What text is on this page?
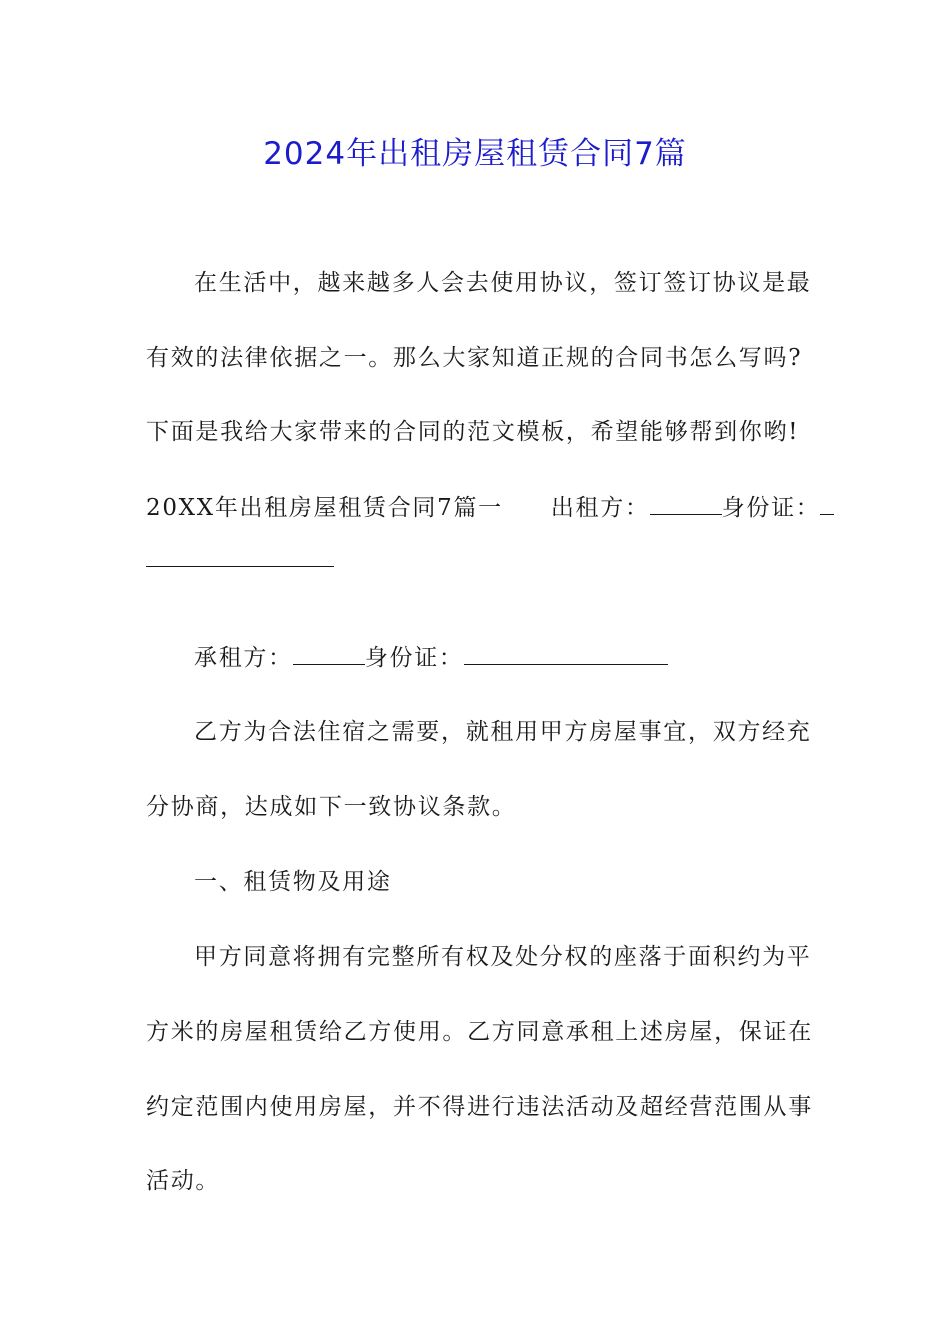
2024年出租房屋租赁合同7篇
在生活中，越来越多人会去使用协议，签订签订协议是最
有效的法律依据之一。那么大家知道正规的合同书怎么写吗?
下面是我给大家带来的合同的范文模板，希望能够帮到你哟!
20XX年出租房屋租赁合同7篇一 出租方：	身份证：
承租方：	身份证：
乙方为合法住宿之需要，就租用甲方房屋事宜，双方经充
分协商，达成如下一致协议条款。
一、租赁物及用途
甲方同意将拥有完整所有权及处分权的座落于面积约为平
方米的房屋租赁给乙方使用。乙方同意承租上述房屋，保证在
约定范围内使用房屋，并不得进行违法活动及超经营范围从事
活动。
